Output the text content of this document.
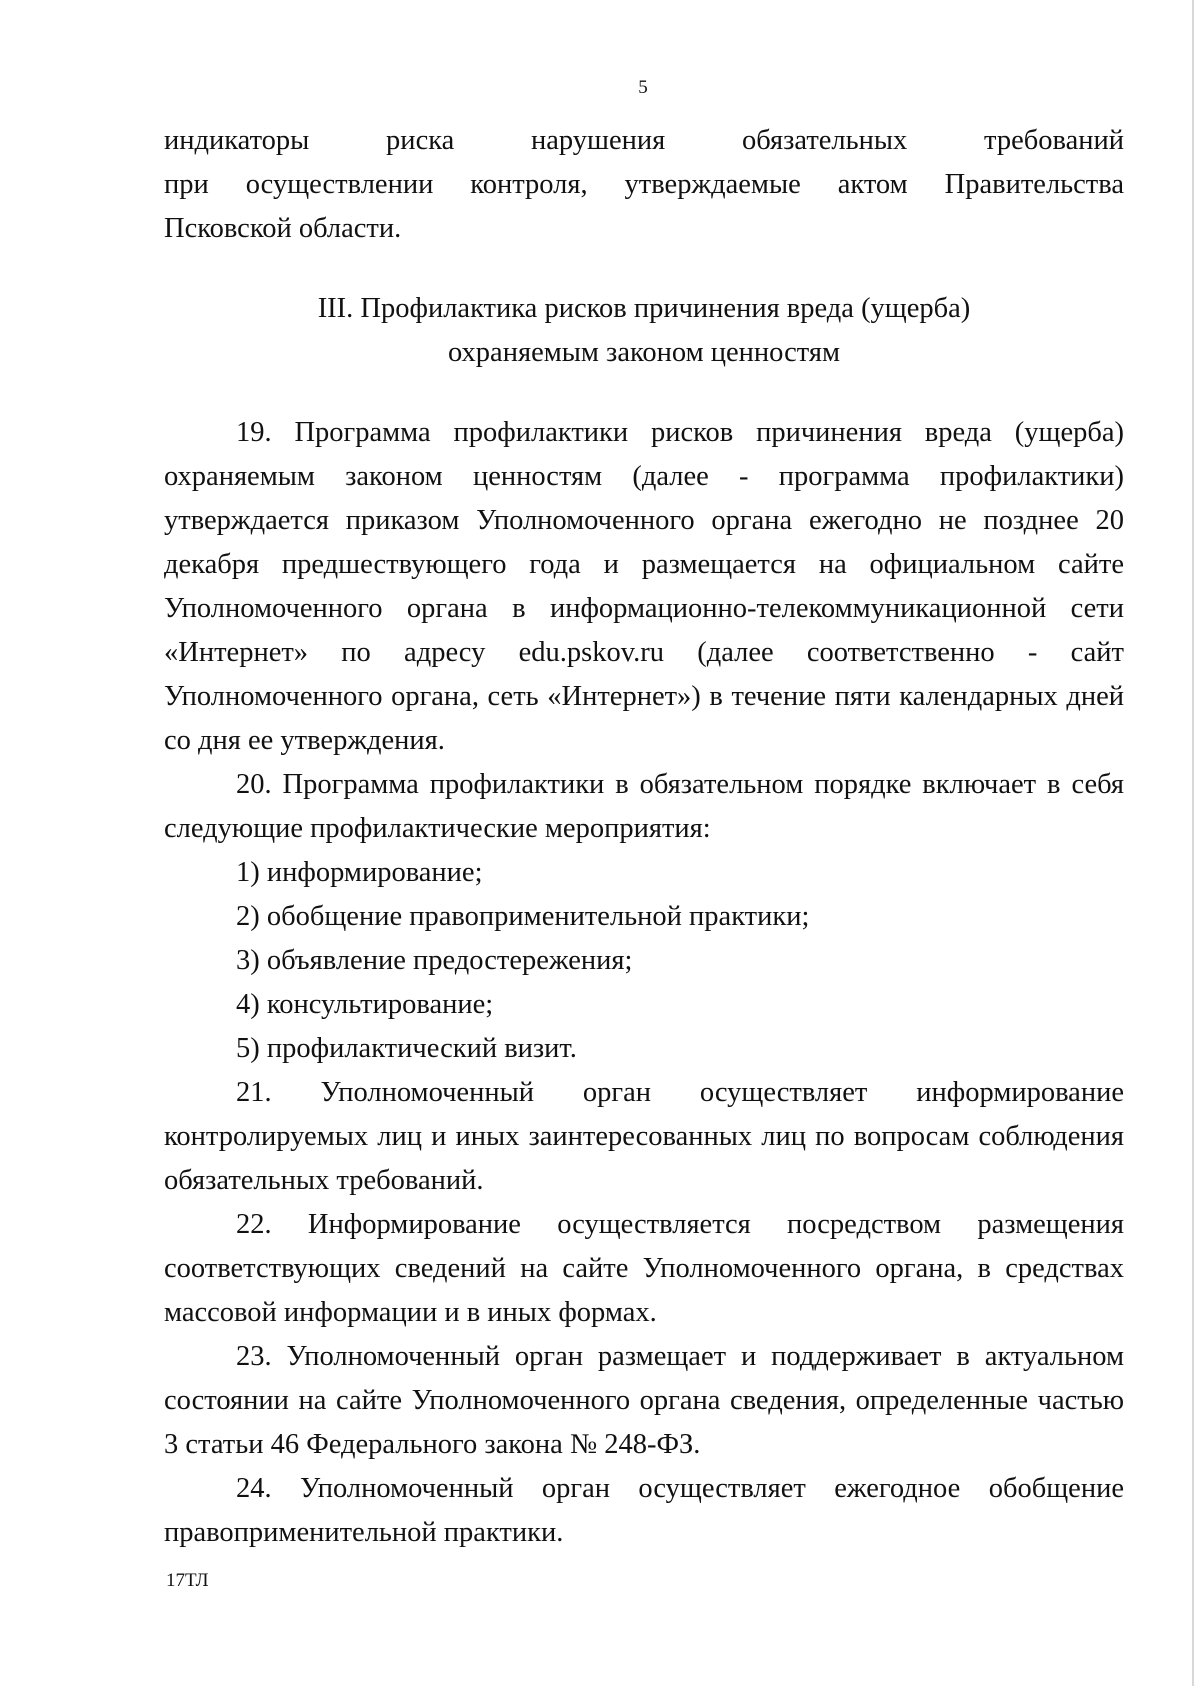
5

индикаторы риска нарушения обязательных требований

при осуществлении контроля, утверждаемые актом Правительства

Псковской области.

III. Профилактика рисков причинения вреда (ущерба)

охраняемым законом ценностям

19. Программа профилактики рисков причинения вреда (ущерба) охраняемым законом ценностям (далее - программа профилактики) утверждается приказом Уполномоченного органа ежегодно не позднее 20 декабря предшествующего года и размещается на официальном сайте Уполномоченного органа в информационно-телекоммуникационной сети «Интернет» по адресу edu.pskov.ru (далее соответственно - сайт Уполномоченного органа, сеть «Интернет») в течение пяти календарных дней со дня ее утверждения.

20. Программа профилактики в обязательном порядке включает в себя следующие профилактические мероприятия:

1) информирование;

2) обобщение правоприменительной практики;

3) объявление предостережения;

4) консультирование;

5) профилактический визит.

21. Уполномоченный орган осуществляет информирование контролируемых лиц и иных заинтересованных лиц по вопросам соблюдения обязательных требований.

22. Информирование осуществляется посредством размещения соответствующих сведений на сайте Уполномоченного органа, в средствах массовой информации и в иных формах.

23. Уполномоченный орган размещает и поддерживает в актуальном состоянии на сайте Уполномоченного органа сведения, определенные частью 3 статьи 46 Федерального закона № 248-ФЗ.

24. Уполномоченный орган осуществляет ежегодное обобщение правоприменительной практики.

17ТЛ
